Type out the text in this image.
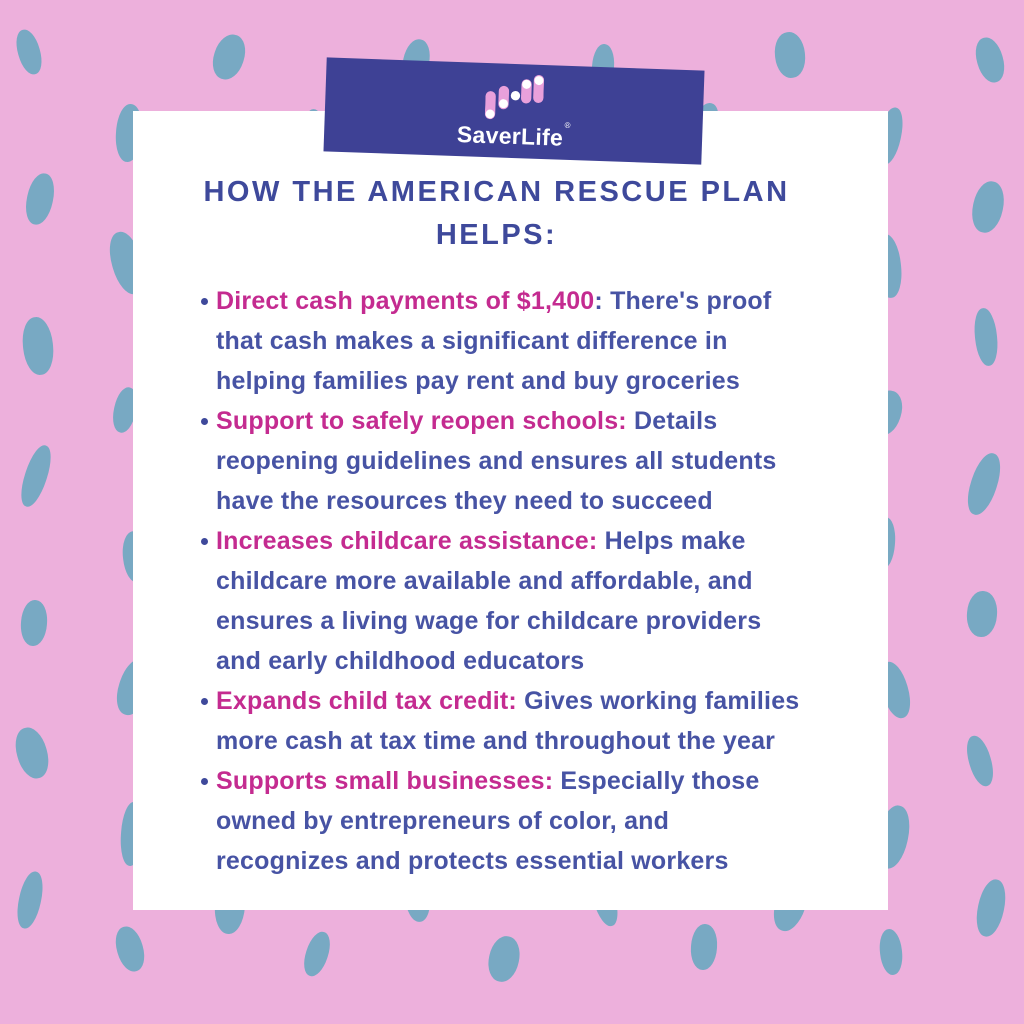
HOW THE AMERICAN RESCUE PLAN
HELPS:

Direct cash payments of $1,400: There's proof that cash makes a significant difference in helping families pay rent and buy groceries

Support to safely reopen schools: Details reopening guidelines and ensures all students have the resources they need to succeed

Increases childcare assistance: Helps make childcare more available and affordable, and ensures a living wage for childcare providers and early childhood educators

Expands child tax credit: Gives working families more cash at tax time and throughout the year

Supports small businesses: Especially those owned by entrepreneurs of color, and recognizes and protects essential workers

SaverLife®
